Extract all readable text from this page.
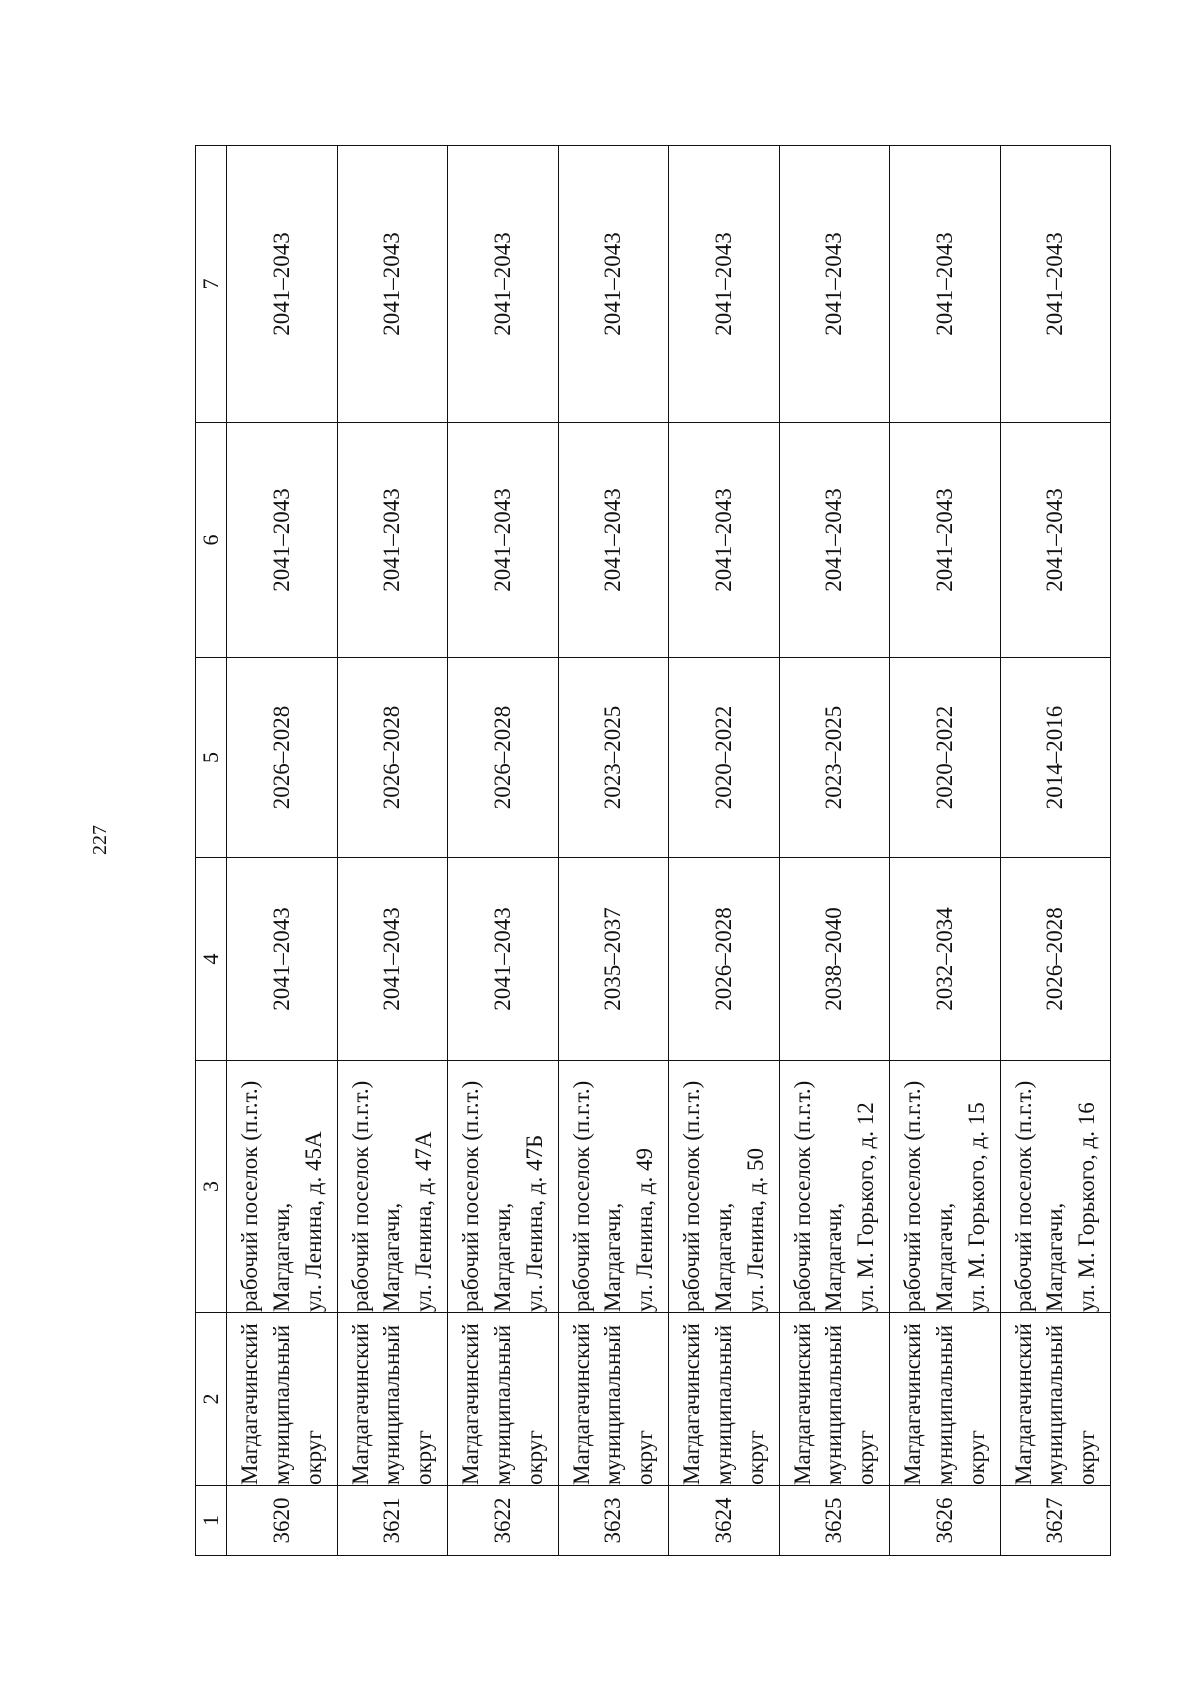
227
1	2	3	4	5	6	7
3620	Магдагачинский муниципальный округ	рабочий поселок (п.г.т.) Магдагачи, ул. Ленина, д. 45А	2041–2043	2026–2028	2041–2043	2041–2043
3621	Магдагачинский муниципальный округ	рабочий поселок (п.г.т.) Магдагачи, ул. Ленина, д. 47А	2041–2043	2026–2028	2041–2043	2041–2043
3622	Магдагачинский муниципальный округ	рабочий поселок (п.г.т.) Магдагачи, ул. Ленина, д. 47Б	2041–2043	2026–2028	2041–2043	2041–2043
3623	Магдагачинский муниципальный округ	рабочий поселок (п.г.т.) Магдагачи, ул. Ленина, д. 49	2035–2037	2023–2025	2041–2043	2041–2043
3624	Магдагачинский муниципальный округ	рабочий поселок (п.г.т.) Магдагачи, ул. Ленина, д. 50	2026–2028	2020–2022	2041–2043	2041–2043
3625	Магдагачинский муниципальный округ	рабочий поселок (п.г.т.) Магдагачи, ул. М. Горького, д. 12	2038–2040	2023–2025	2041–2043	2041–2043
3626	Магдагачинский муниципальный округ	рабочий поселок (п.г.т.) Магдагачи, ул. М. Горького, д. 15	2032–2034	2020–2022	2041–2043	2041–2043
3627	Магдагачинский муниципальный округ	рабочий поселок (п.г.т.) Магдагачи, ул. М. Горького, д. 16	2026–2028	2014–2016	2041–2043	2041–2043
